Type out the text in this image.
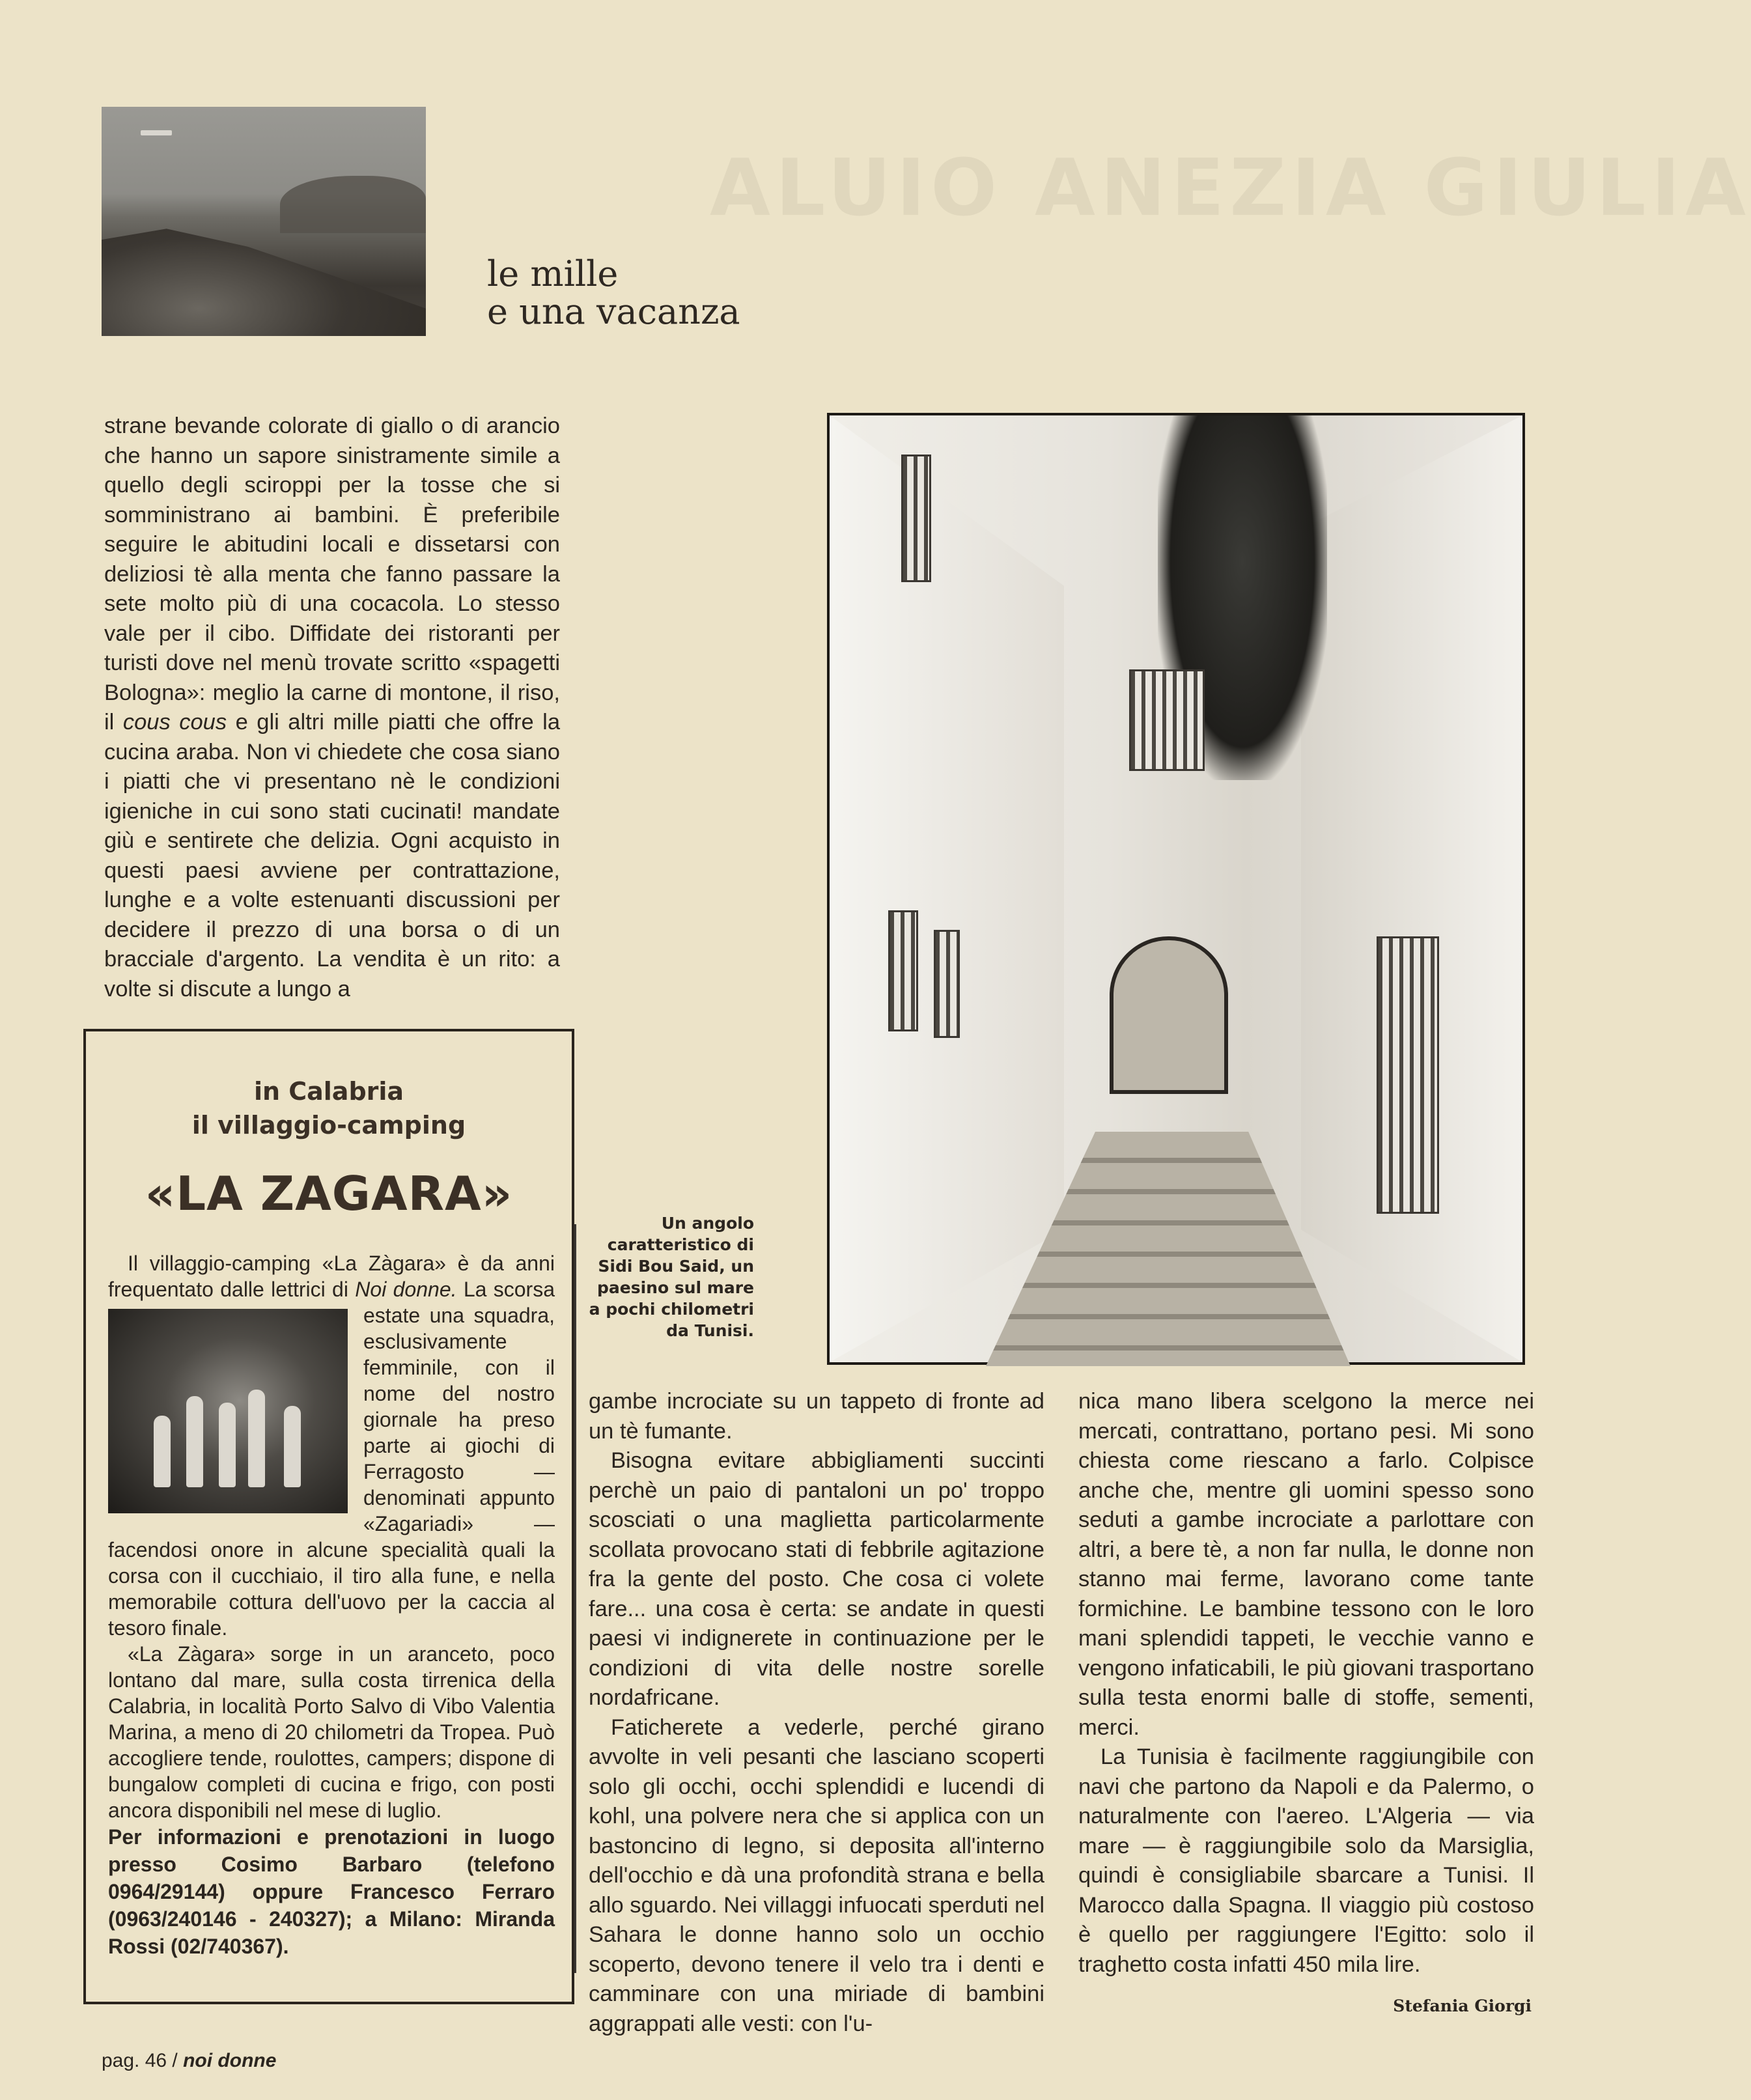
ALUIO ANEZIA GIULIA
le mille
e una vacanza

strane bevande colorate di giallo o di arancio che hanno un sapore sinistramente simile a quello degli sciroppi per la tosse che si somministrano ai bambini. È preferibile seguire le abitudini locali e dissetarsi con deliziosi tè alla menta che fanno passare la sete molto più di una cocacola. Lo stesso vale per il cibo. Diffidate dei ristoranti per turisti dove nel menù trovate scritto «spagetti Bologna»: meglio la carne di montone, il riso, il cous cous e gli altri mille piatti che offre la cucina araba. Non vi chiedete che cosa siano i piatti che vi presentano nè le condizioni igieniche in cui sono stati cucinati! mandate giù e sentirete che delizia. Ogni acquisto in questi paesi avviene per contrattazione, lunghe e a volte estenuanti discussioni per decidere il prezzo di una borsa o di un bracciale d'argento. La vendita è un rito: a volte si discute a lungo a

in Calabria
il villaggio-camping
«LA ZAGARA»

Il villaggio-camping «La Zàgara» è da anni frequentato dalle lettrici di Noi donne. La scorsa estate una squadra, esclusivamente femminile, con il nome del nostro giornale ha preso parte ai giochi di Ferragosto — denominati appunto «Zagariadi» — facendosi onore in alcune specialità quali la corsa con il cucchiaio, il tiro alla fune, e nella memorabile cottura dell'uovo per la caccia al tesoro finale.

«La Zàgara» sorge in un aranceto, poco lontano dal mare, sulla costa tirrenica della Calabria, in località Porto Salvo di Vibo Valentia Marina, a meno di 20 chilometri da Tropea. Può accogliere tende, roulottes, campers; dispone di bungalow completi di cucina e frigo, con posti ancora disponibili nel mese di luglio.

Per informazioni e prenotazioni in luogo presso Cosimo Barbaro (telefono 0964/29144) oppure Francesco Ferraro (0963/240146 - 240327); a Milano: Miranda Rossi (02/740367).

Un angolo caratteristico di Sidi Bou Said, un paesino sul mare a pochi chilometri da Tunisi.

gambe incrociate su un tappeto di fronte ad un tè fumante.

Bisogna evitare abbigliamenti succinti perchè un paio di pantaloni un po' troppo scosciati o una maglietta particolarmente scollata provocano stati di febbrile agitazione fra la gente del posto. Che cosa ci volete fare... una cosa è certa: se andate in questi paesi vi indignerete in continuazione per le condizioni di vita delle nostre sorelle nordafricane.

Faticherete a vederle, perché girano avvolte in veli pesanti che lasciano scoperti solo gli occhi, occhi splendidi e lucendi di kohl, una polvere nera che si applica con un bastoncino di legno, si deposita all'interno dell'occhio e dà una profondità strana e bella allo sguardo. Nei villaggi infuocati sperduti nel Sahara le donne hanno solo un occhio scoperto, devono tenere il velo tra i denti e camminare con una miriade di bambini aggrappati alle vesti: con l'u-

nica mano libera scelgono la merce nei mercati, contrattano, portano pesi. Mi sono chiesta come riescano a farlo. Colpisce anche che, mentre gli uomini spesso sono seduti a gambe incrociate a parlottare con altri, a bere tè, a non far nulla, le donne non stanno mai ferme, lavorano come tante formichine. Le bambine tessono con le loro mani splendidi tappeti, le vecchie vanno e vengono infaticabili, le più giovani trasportano sulla testa enormi balle di stoffe, sementi, merci.

La Tunisia è facilmente raggiungibile con navi che partono da Napoli e da Palermo, o naturalmente con l'aereo. L'Algeria — via mare — è raggiungibile solo da Marsiglia, quindi è consigliabile sbarcare a Tunisi. Il Marocco dalla Spagna. Il viaggio più costoso è quello per raggiungere l'Egitto: solo il traghetto costa infatti 450 mila lire.

Stefania Giorgi
pag. 46 / noi donne
